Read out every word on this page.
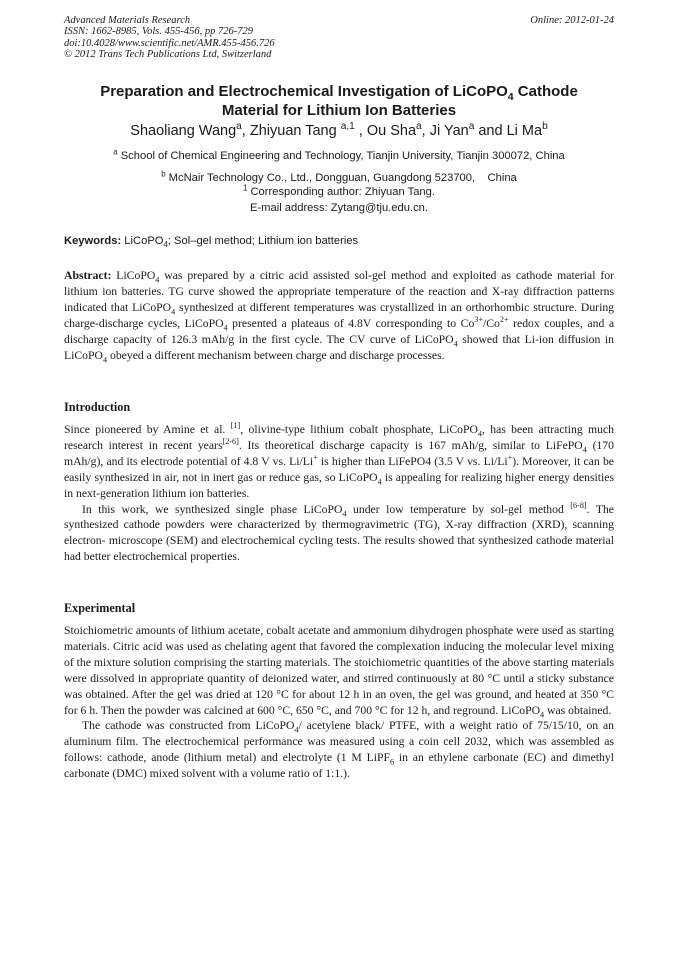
Advanced Materials Research
ISSN: 1662-8985, Vols. 455-456, pp 726-729
doi:10.4028/www.scientific.net/AMR.455-456.726
© 2012 Trans Tech Publications Ltd, Switzerland
Online: 2012-01-24
Preparation and Electrochemical Investigation of LiCoPO$_4$ Cathode
Material for Lithium Ion Batteries
Shaoliang Wang$^a$, Zhiyuan Tang $^{a,1}$ , Ou Sha$^a$, Ji Yan$^a$ and Li Ma$^b$
$^a$ School of Chemical Engineering and Technology, Tianjin University, Tianjin 300072, China
$^b$ McNair Technology Co., Ltd., Dongguan, Guangdong 523700,    China
$^1$ Corresponding author: Zhiyuan Tang.
E-mail address: Zytang@tju.edu.cn.
Keywords: LiCoPO$_4$; Sol–gel method; Lithium ion batteries
Abstract: LiCoPO$_4$ was prepared by a citric acid assisted sol-gel method and exploited as cathode material for lithium ion batteries. TG curve showed the appropriate temperature of the reaction and X-ray diffraction patterns indicated that LiCoPO$_4$ synthesized at different temperatures was crystallized in an orthorhombic structure. During charge-discharge cycles, LiCoPO$_4$ presented a plateaus of 4.8V corresponding to $Co^{3+}/Co^{2+}$ redox couples, and a discharge capacity of 126.3 mAh/g in the first cycle. The CV curve of LiCoPO$_4$ showed that Li-ion diffusion in LiCoPO$_4$ obeyed a different mechanism between charge and discharge processes.
Introduction
Since pioneered by Amine et al. [1], olivine-type lithium cobalt phosphate, LiCoPO$_4$, has been attracting much research interest in recent years[2-6]. Its theoretical discharge capacity is 167 mAh/g, similar to LiFePO$_4$ (170 mAh/g), and its electrode potential of 4.8 V vs. Li/Li+ is higher than LiFePO4 (3.5 V vs. Li/Li+). Moreover, it can be easily synthesized in air, not in inert gas or reduce gas, so LiCoPO$_4$ is appealing for realizing higher energy densities in next-generation lithium ion batteries.
In this work, we synthesized single phase LiCoPO$_4$ under low temperature by sol-gel method [6-8]. The synthesized cathode powders were characterized by thermogravimetric (TG), X-ray diffraction (XRD), scanning electron- microscope (SEM) and electrochemical cycling tests. The results showed that synthesized cathode material had better electrochemical properties.
Experimental
Stoichiometric amounts of lithium acetate, cobalt acetate and ammonium dihydrogen phosphate were used as starting materials. Citric acid was used as chelating agent that favored the complexation inducing the molecular level mixing of the mixture solution comprising the starting materials. The stoichiometric quantities of the above starting materials were dissolved in appropriate quantity of deionized water, and stirred continuously at 80 °C until a sticky substance was obtained. After the gel was dried at 120 °C for about 12 h in an oven, the gel was ground, and heated at 350 °C for 6 h. Then the powder was calcined at 600 °C, 650 °C, and 700 °C for 12 h, and reground. LiCoPO$_4$ was obtained.
The cathode was constructed from LiCoPO$_4$/ acetylene black/ PTFE, with a weight ratio of 75/15/10, on an aluminum film. The electrochemical performance was measured using a coin cell 2032, which was assembled as follows: cathode, anode (lithium metal) and electrolyte (1 M LiPF$_6$ in an ethylene carbonate (EC) and dimethyl carbonate (DMC) mixed solvent with a volume ratio of 1:1.).
